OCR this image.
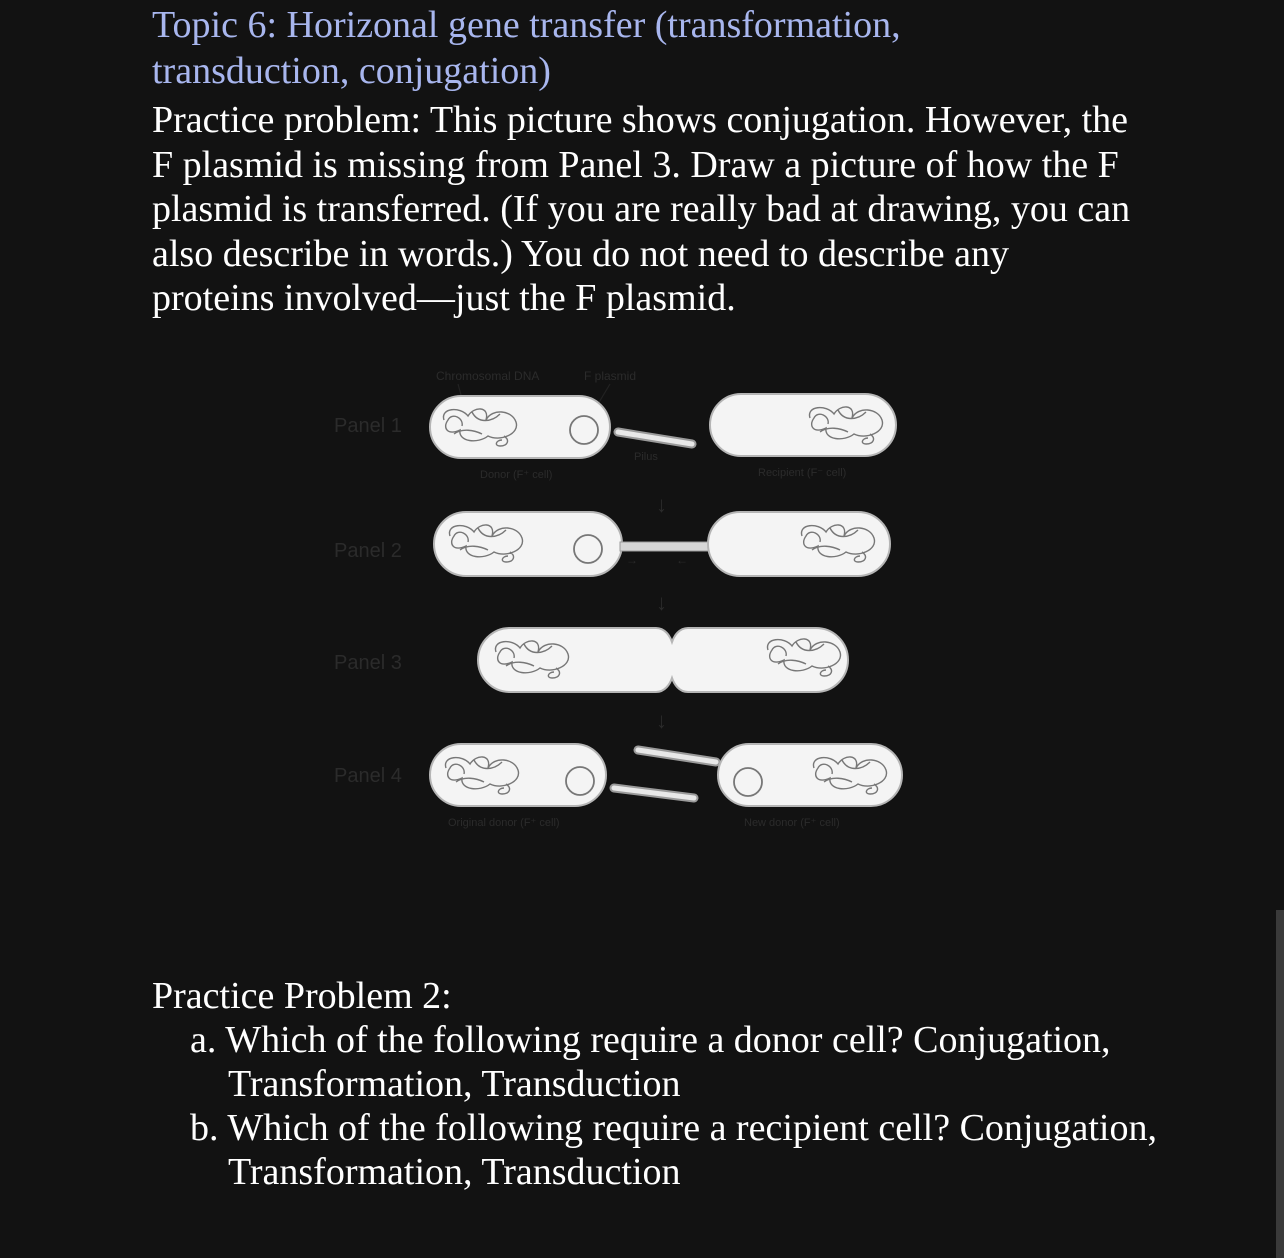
Topic 6: Horizonal gene transfer (transformation,
transduction, conjugation)

Practice problem: This picture shows conjugation. However, the
F plasmid is missing from Panel 3. Draw a picture of how the F
plasmid is transferred. (If you are really bad at drawing, you can
also describe in words.) You do not need to describe any
proteins involved—just the F plasmid.

Chromosomal DNA	F plasmid
Panel 1
Donor (F⁺ cell)
Pilus
Recipient (F⁻ cell)
↓
Panel 2	→	←
↓
Panel 3
↓
Panel 4
Original donor (F⁺ cell)	New donor (F⁺ cell)
Practice Problem 2:
a. Which of the following require a donor cell? Conjugation, Transformation, Transduction
b. Which of the following require a recipient cell? Conjugation, Transformation, Transduction
